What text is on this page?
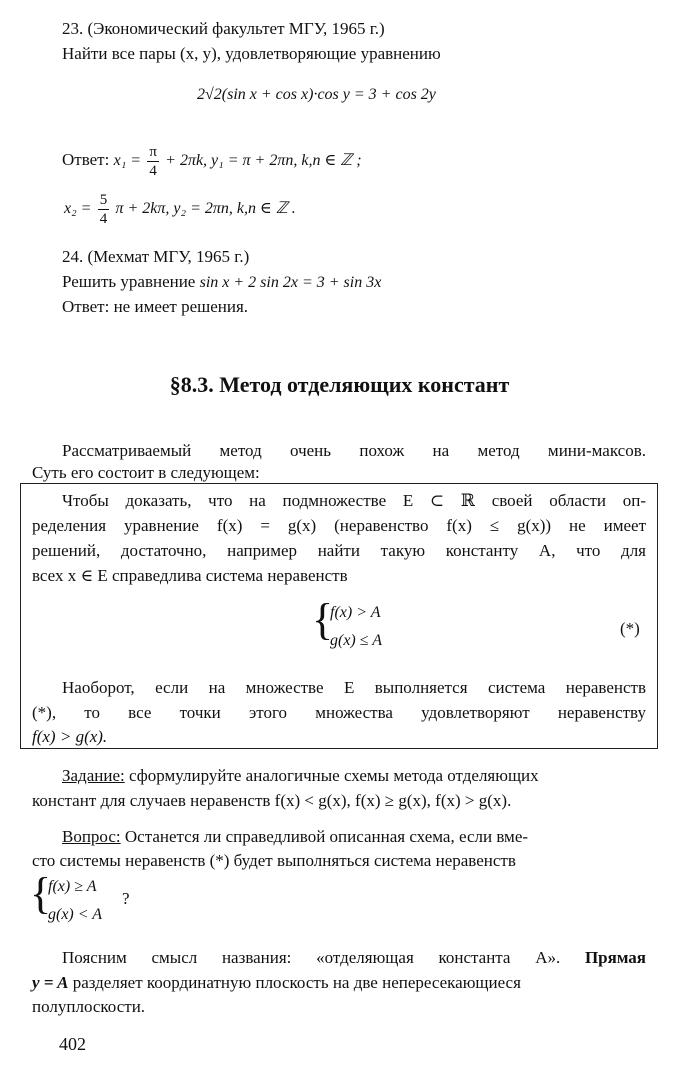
23. (Экономический факультет МГУ, 1965 г.)
Найти все пары (x, y), удовлетворяющие уравнению
2√2(sin x + cos x)·cos y = 3 + cos 2y
Ответ: $x_1 = \frac{\pi}{4} + 2\pi k$, y₁ = π + 2πn, k,n ∈ ℤ ;
$x_2 = \frac{5}{4}$ π + 2kπ, y₂ = 2πn, k,n ∈ ℤ .
24. (Мехмат МГУ, 1965 г.)
Решить уравнение sin x + 2 sin 2x = 3 + sin 3x
Ответ: не имеет решения.
§8.3. Метод отделяющих констант
Рассматриваемый метод очень похож на метод мини-максов.
Суть его состоит в следующем:
Чтобы доказать, что на подмножестве E ⊂ ℝ своей области оп-
ределения уравнение f(x) = g(x) (неравенство f(x) ≤ g(x)) не имеет
решений, достаточно, например найти такую константу A, что для
всех x ∈ E справедлива система неравенств
{
f(x) > A
g(x) ≤ A
(*)
Наоборот, если на множестве E выполняется система неравенств
(*), то все точки этого множества удовлетворяют неравенству
f(x) > g(x).
Задание: сформулируйте аналогичные схемы метода отделяющих
констант для случаев неравенств f(x) < g(x), f(x) ≥ g(x), f(x) > g(x).
Вопрос: Останется ли справедливой описанная схема, если вме-
сто системы неравенств (*) будет выполняться система неравенств
{
f(x) ≥ A
g(x) < A
?
Поясним смысл названия: «отделяющая константа A». Прямая
y = A разделяет координатную плоскость на две непересекающиеся
полуплоскости.
402
